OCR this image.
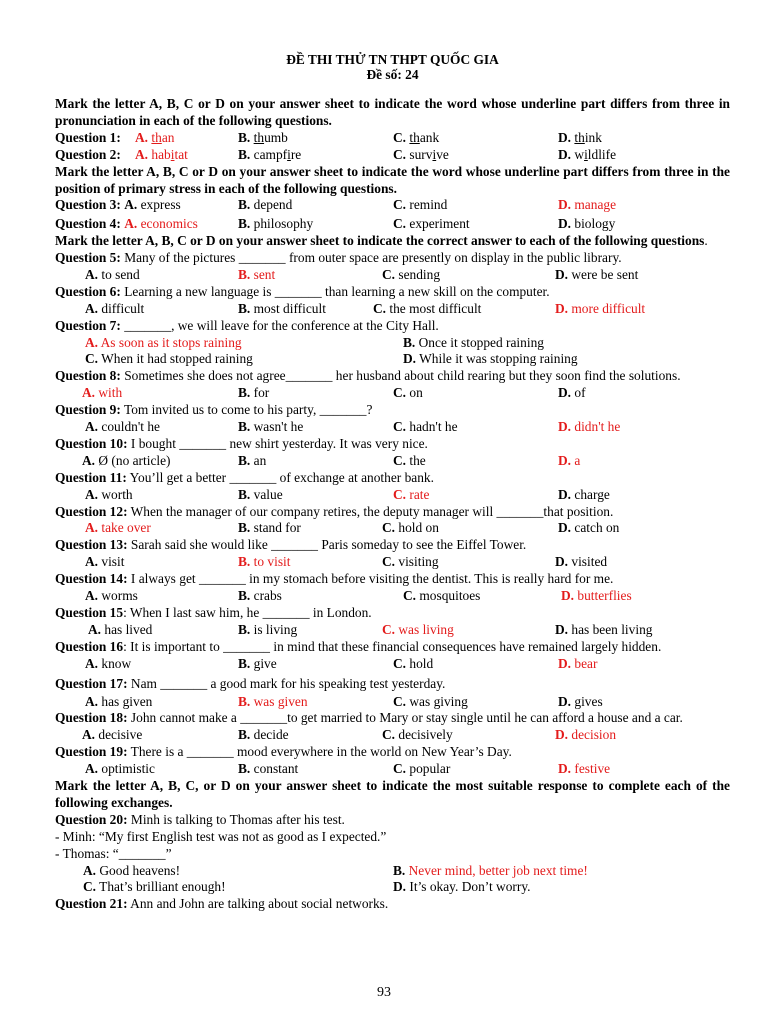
ĐỀ THI THỬ TN THPT QUỐC GIA
Đề số: 24
Mark the letter A, B, C or D on your answer sheet to indicate the word whose underline part differs from three in pronunciation in each of the following questions.
Question 1: A. than	B. thumb	C. thank	D. think
Question 2: A. habitat	B. campfire	C. survive	D. wildlife
Mark the letter A, B, C or D on your answer sheet to indicate the word whose underline part differs from three in the position of primary stress in each of the following questions.
Question 3: A. express	B. depend	C. remind	D. manage
Question 4: A. economics	B. philosophy	C. experiment	D. biology
Mark the letter A, B, C or D on your answer sheet to indicate the correct answer to each of the following questions.
Question 5: Many of the pictures _______ from outer space are presently on display in the public library.
A. to send	B. sent	C. sending	D. were be sent
Question 6: Learning a new language is _______ than learning a new skill on the computer.
A. difficult	B. most difficult	C. the most difficult	D. more difficult
Question 7: _______, we will leave for the conference at the City Hall.
A. As soon as it stops raining	B. Once it stopped raining
C. When it had stopped raining	D. While it was stopping raining
Question 8: Sometimes she does not agree_______ her husband about child rearing but they soon find the solutions.
A. with	B. for	C. on	D. of
Question 9: Tom invited us to come to his party, _______?
A. couldn't he	B. wasn't he	C. hadn't he	D. didn't he
Question 10: I bought _______ new shirt yesterday. It was very nice.
A. Ø (no article)	B. an	C. the	D. a
Question 11: You’ll get a better _______ of exchange at another bank.
A. worth	B. value	C. rate	D. charge
Question 12: When the manager of our company retires, the deputy manager will _______that position.
A. take over	B. stand for	C. hold on	D. catch on
Question 13: Sarah said she would like _______ Paris someday to see the Eiffel Tower.
A. visit	B. to visit	C. visiting	D. visited
Question 14: I always get _______ in my stomach before visiting the dentist. This is really hard for me.
A. worms	B. crabs	C. mosquitoes	D. butterflies
Question 15: When I last saw him, he _______ in London.
A. has lived	B. is living	C. was living	D. has been living
Question 16: It is important to _______ in mind that these financial consequences have remained largely hidden.
A. know	B. give	C. hold	D. bear
Question 17: Nam _______ a good mark for his speaking test yesterday.
A. has given	B. was given	C. was giving	D. gives
Question 18: John cannot make a _______to get married to Mary or stay single until he can afford a house and a car.
A. decisive	B. decide	C. decisively	D. decision
Question 19: There is a _______ mood everywhere in the world on New Year’s Day.
A. optimistic	B. constant	C. popular	D. festive
Mark the letter A, B, C, or D on your answer sheet to indicate the most suitable response to complete each of the following exchanges.
Question 20: Minh is talking to Thomas after his test.
- Minh: “My first English test was not as good as I expected.”
- Thomas: “_______”
A. Good heavens!	B. Never mind, better job next time!
C. That’s brilliant enough!	D. It’s okay. Don’t worry.
Question 21: Ann and John are talking about social networks.
93
